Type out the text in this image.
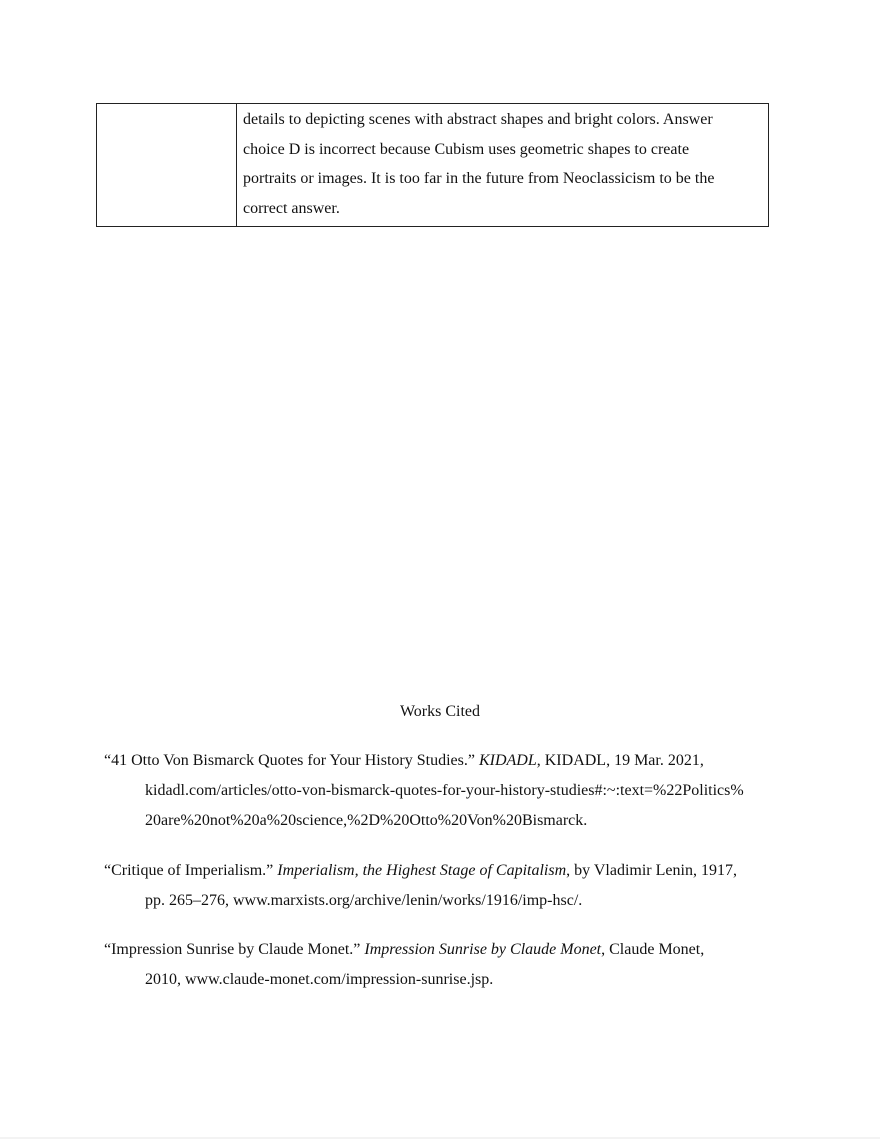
details to depicting scenes with abstract shapes and bright colors. Answer
choice D is incorrect because Cubism uses geometric shapes to create
portraits or images. It is too far in the future from Neoclassicism to be the
correct answer.
Works Cited
“41 Otto Von Bismarck Quotes for Your History Studies.” KIDADL, KIDADL, 19 Mar. 2021,
kidadl.com/articles/otto-von-bismarck-quotes-for-your-history-studies#:~:text=%22Politics%
20are%20not%20a%20science,%2D%20Otto%20Von%20Bismarck.
“Critique of Imperialism.” Imperialism, the Highest Stage of Capitalism, by Vladimir Lenin, 1917,
pp. 265–276, www.marxists.org/archive/lenin/works/1916/imp-hsc/.
“Impression Sunrise by Claude Monet.” Impression Sunrise by Claude Monet, Claude Monet,
2010, www.claude-monet.com/impression-sunrise.jsp.
